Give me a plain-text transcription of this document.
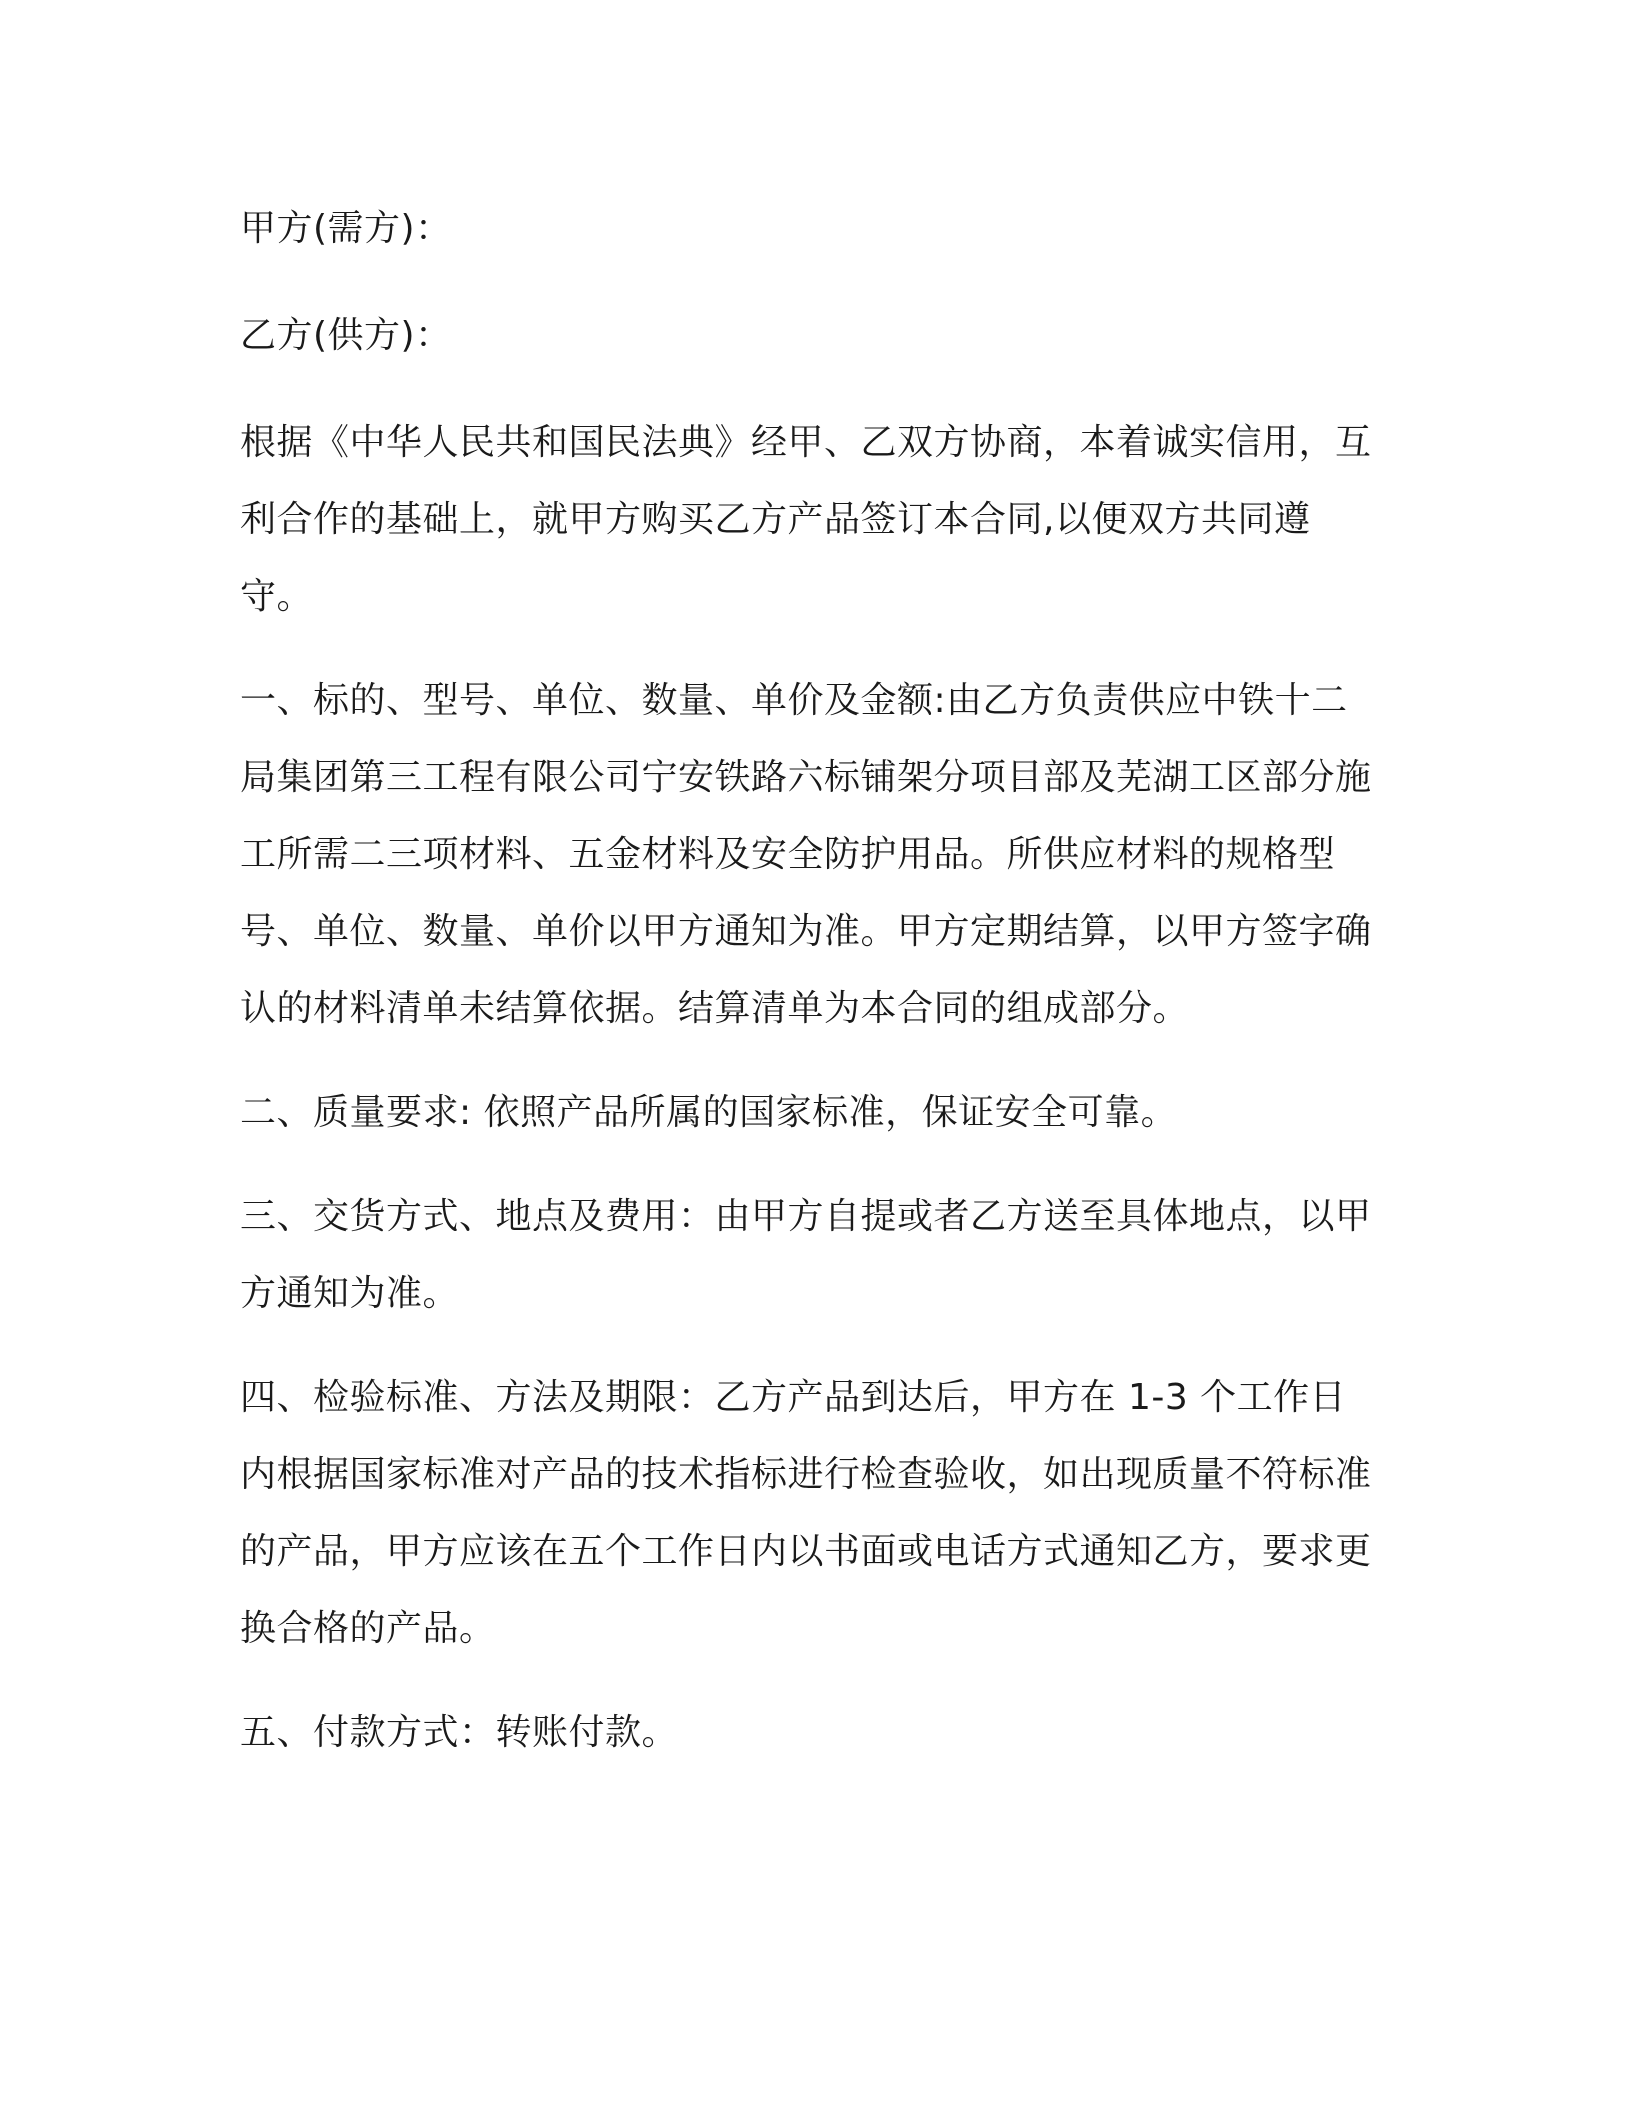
甲方(需方)：

乙方(供方)：

根据《中华人民共和国民法典》经甲、乙双方协商，本着诚实信用，互利合作的基础上，就甲方购买乙方产品签订本合同,以便双方共同遵守。

一、标的、型号、单位、数量、单价及金额:由乙方负责供应中铁十二局集团第三工程有限公司宁安铁路六标铺架分项目部及芜湖工区部分施工所需二三项材料、五金材料及安全防护用品。所供应材料的规格型号、单位、数量、单价以甲方通知为准。甲方定期结算，以甲方签字确认的材料清单未结算依据。结算清单为本合同的组成部分。

二、质量要求: 依照产品所属的国家标准，保证安全可靠。

三、交货方式、地点及费用：由甲方自提或者乙方送至具体地点，以甲方通知为准。

四、检验标准、方法及期限：乙方产品到达后，甲方在 1-3 个工作日内根据国家标准对产品的技术指标进行检查验收，如出现质量不符标准的产品，甲方应该在五个工作日内以书面或电话方式通知乙方，要求更换合格的产品。

五、付款方式：转账付款。
